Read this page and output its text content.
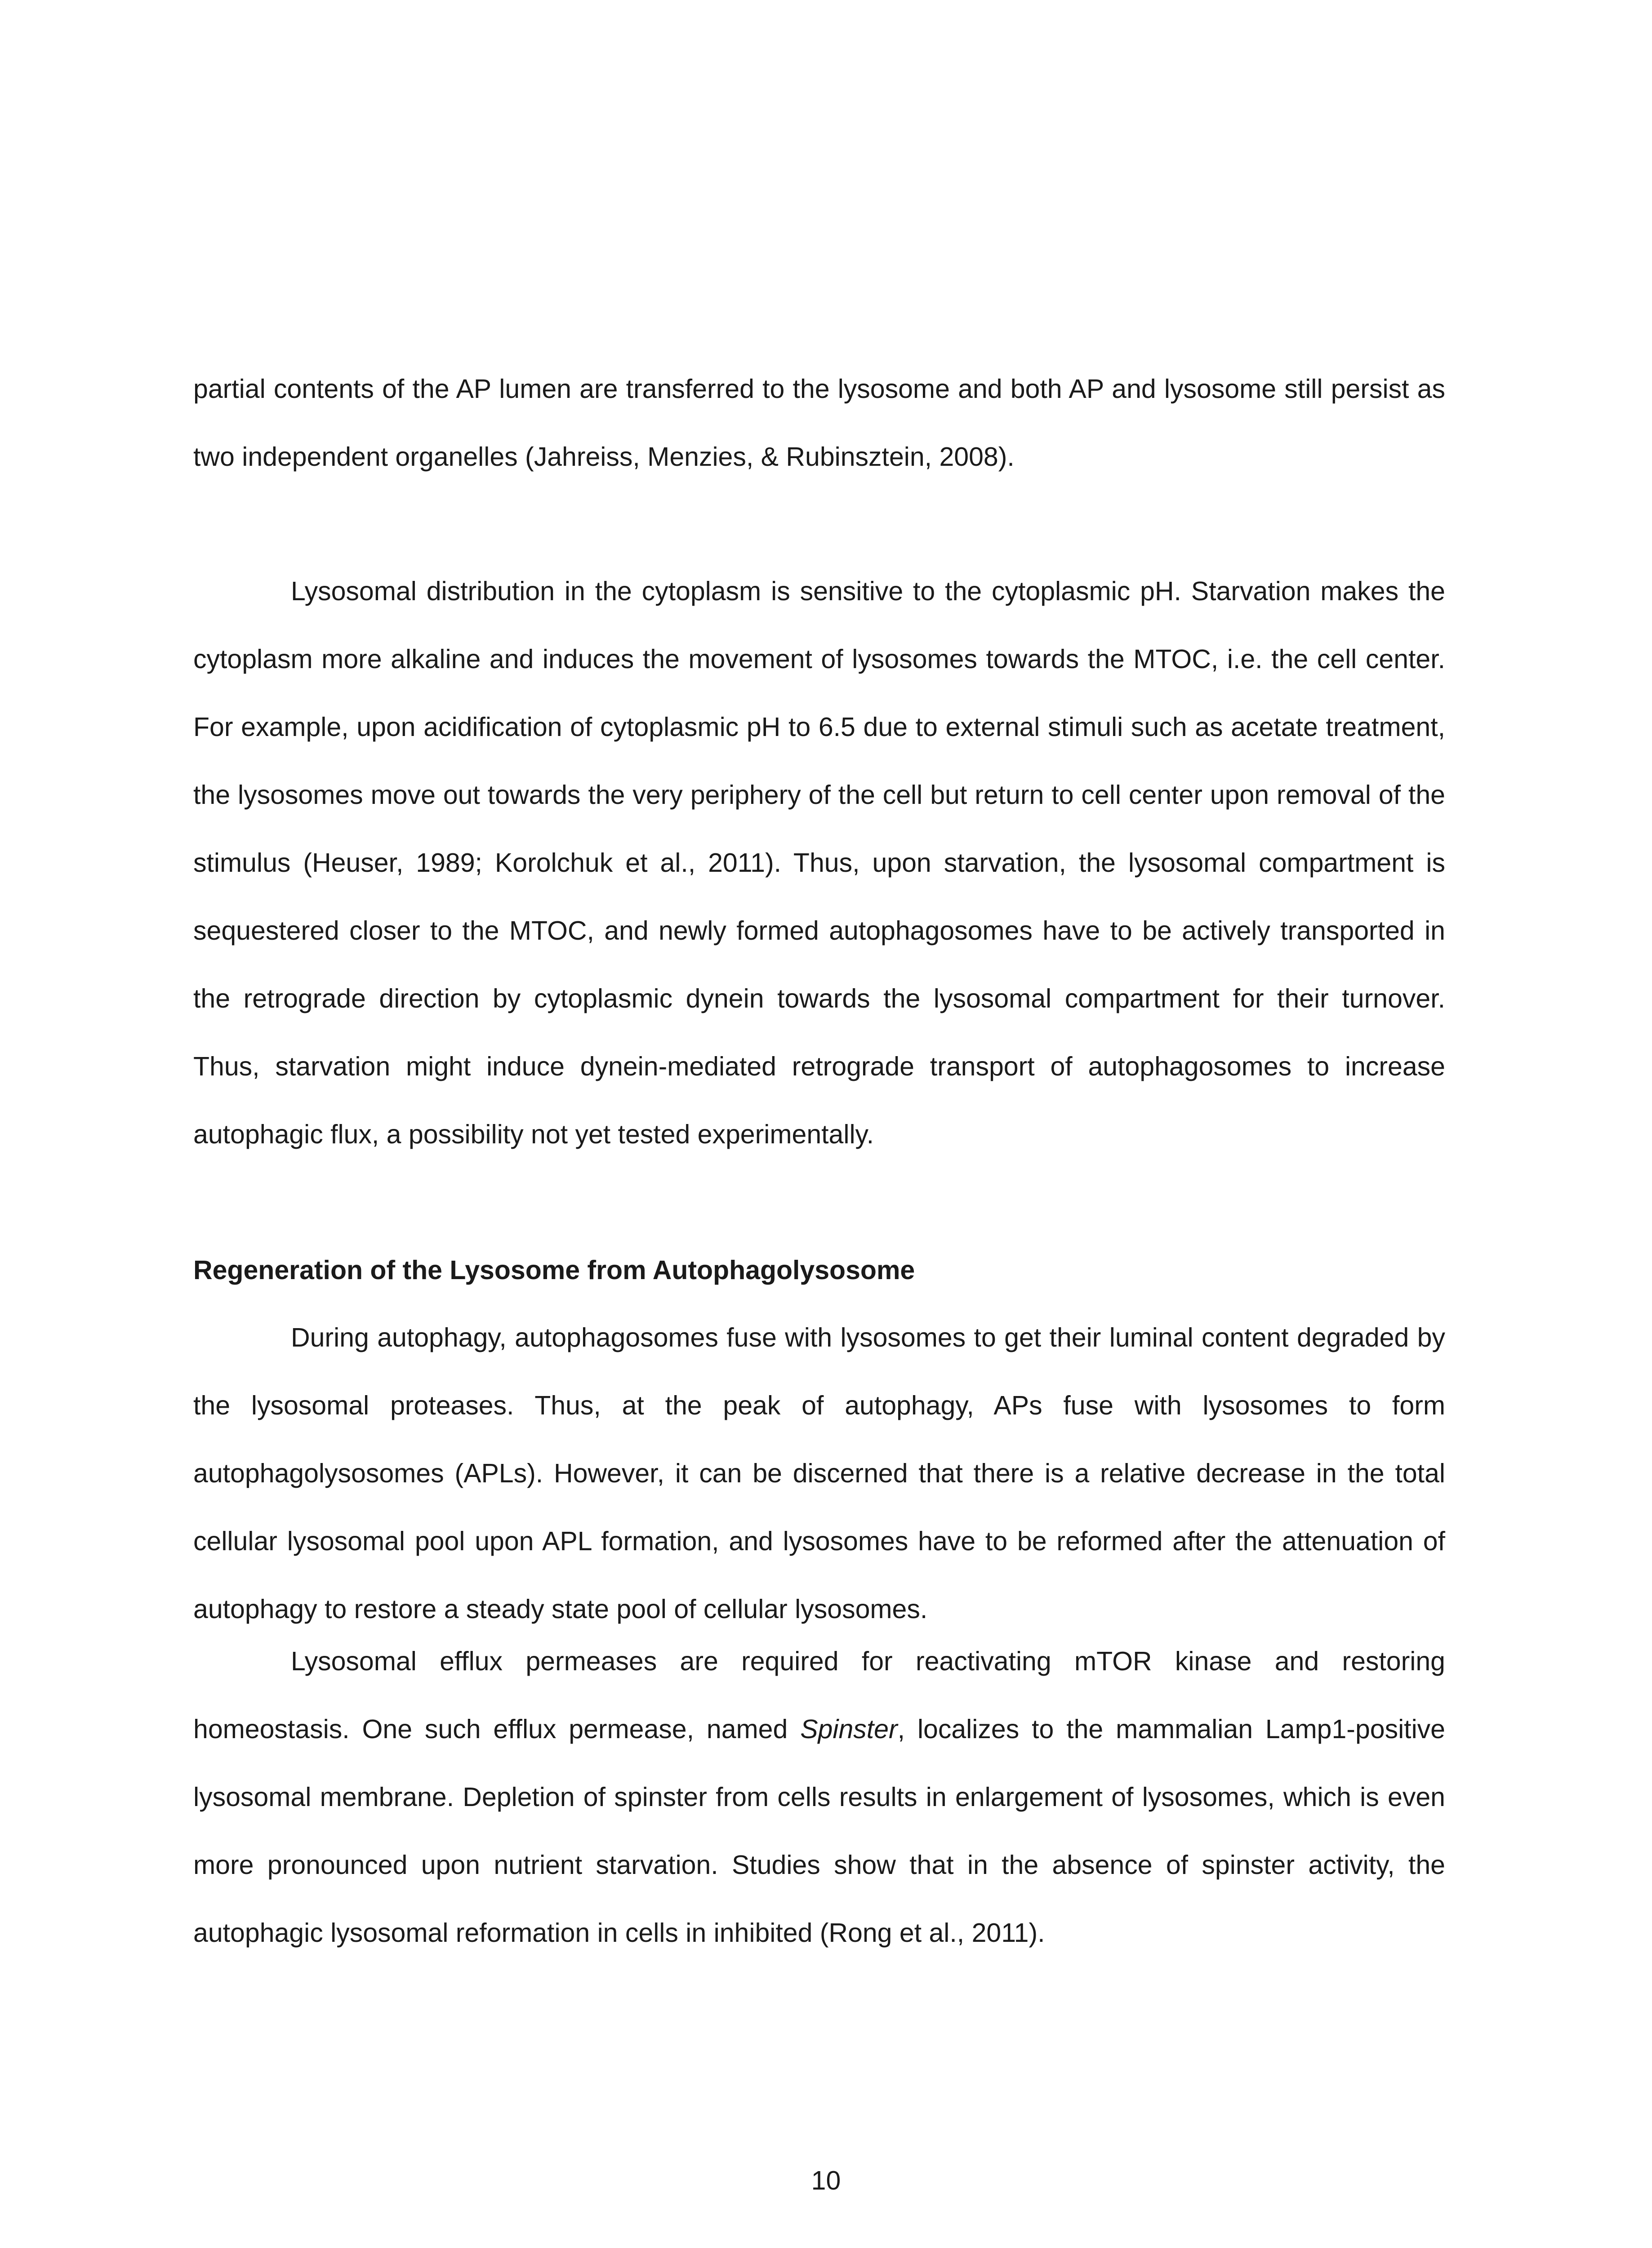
partial contents of the AP lumen are transferred to the lysosome and both AP and lysosome still persist as two independent organelles (Jahreiss, Menzies, & Rubinsztein, 2008).

Lysosomal distribution in the cytoplasm is sensitive to the cytoplasmic pH. Starvation makes the cytoplasm more alkaline and induces the movement of lysosomes towards the MTOC, i.e. the cell center. For example, upon acidification of cytoplasmic pH to 6.5 due to external stimuli such as acetate treatment, the lysosomes move out towards the very periphery of the cell but return to cell center upon removal of the stimulus (Heuser, 1989; Korolchuk et al., 2011). Thus, upon starvation, the lysosomal compartment is sequestered closer to the MTOC, and newly formed autophagosomes have to be actively transported in the retrograde direction by cytoplasmic dynein towards the lysosomal compartment for their turnover. Thus, starvation might induce dynein-mediated retrograde transport of autophagosomes to increase autophagic flux, a possibility not yet tested experimentally.

Regeneration of the Lysosome from Autophagolysosome

During autophagy, autophagosomes fuse with lysosomes to get their luminal content degraded by the lysosomal proteases. Thus, at the peak of autophagy, APs fuse with lysosomes to form autophagolysosomes (APLs). However, it can be discerned that there is a relative decrease in the total cellular lysosomal pool upon APL formation, and lysosomes have to be reformed after the attenuation of autophagy to restore a steady state pool of cellular lysosomes.

Lysosomal efflux permeases are required for reactivating mTOR kinase and restoring homeostasis. One such efflux permease, named Spinster, localizes to the mammalian Lamp1-positive lysosomal membrane. Depletion of spinster from cells results in enlargement of lysosomes, which is even more pronounced upon nutrient starvation. Studies show that in the absence of spinster activity, the autophagic lysosomal reformation in cells in inhibited (Rong et al., 2011).

10
